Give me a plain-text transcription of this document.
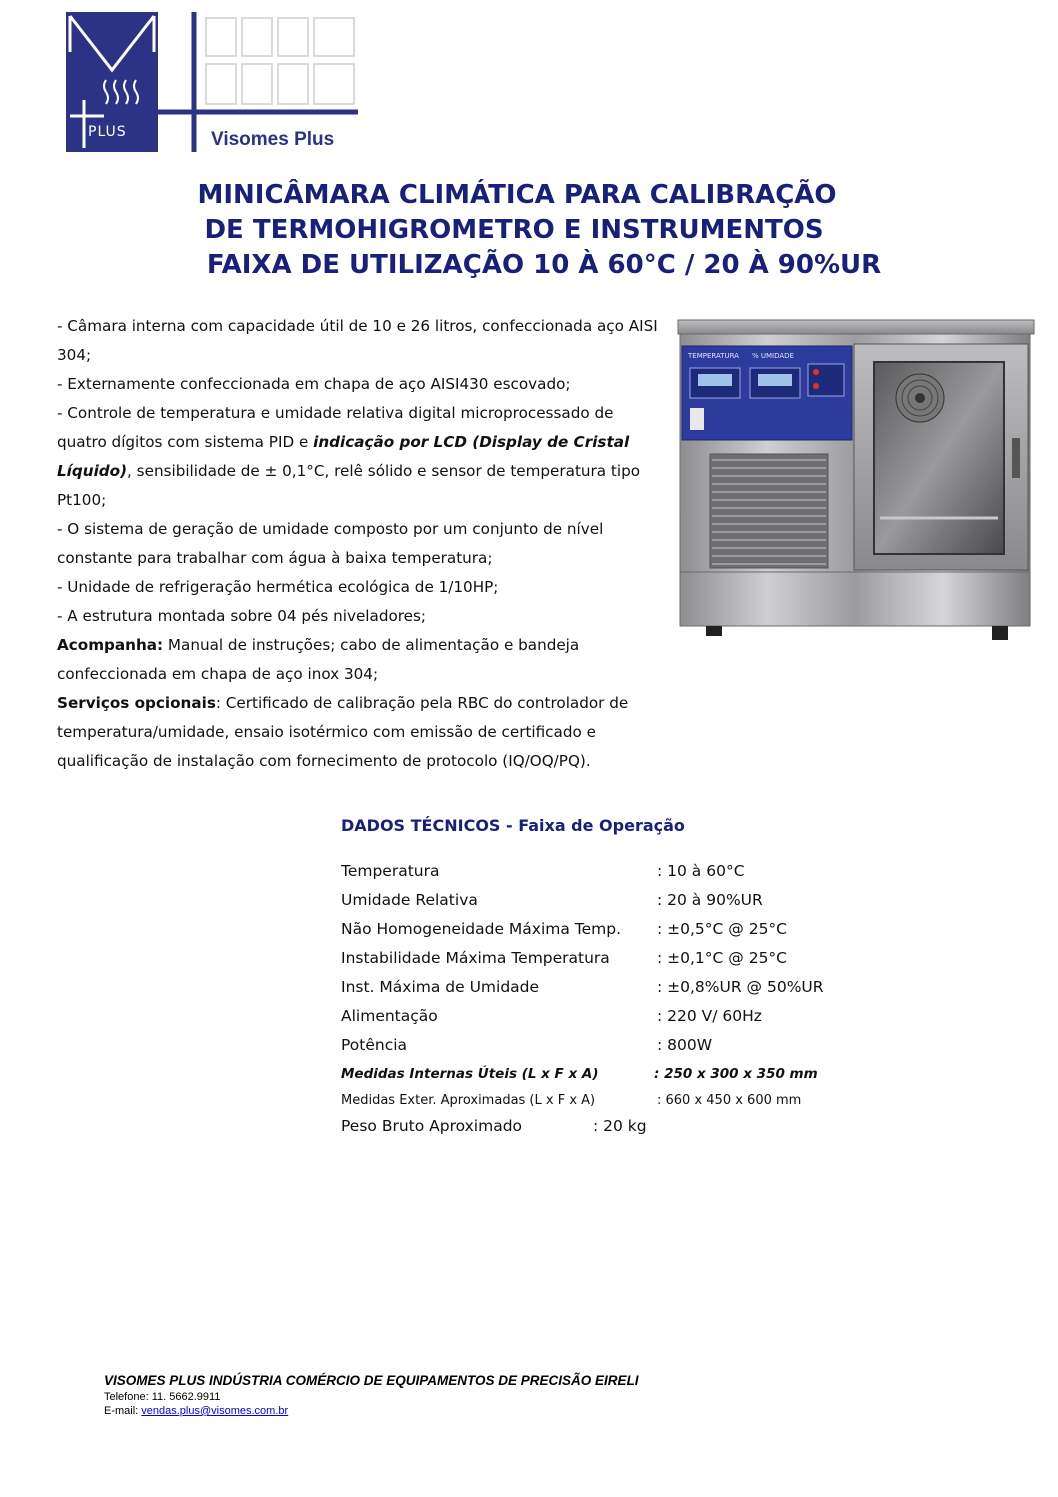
PLUS	Visomes Plus
MINICÂMARA CLIMÁTICA PARA CALIBRAÇÃO
DE TERMOHIGROMETRO E INSTRUMENTOS
FAIXA DE UTILIZAÇÃO 10 À 60°C / 20 À 90%UR

- Câmara interna com capacidade útil de 10 e 26 litros, confeccionada aço AISI 304;

- Externamente confeccionada em chapa de aço AISI430 escovado;

- Controle de temperatura e umidade relativa digital microprocessado de quatro dígitos com sistema PID e indicação por LCD (Display de Cristal Líquido), sensibilidade de ± 0,1°C, relê sólido e sensor de temperatura tipo Pt100;

- O sistema de geração de umidade composto por um conjunto de nível constante para trabalhar com água à baixa temperatura;

- Unidade de refrigeração hermética ecológica de 1/10HP;

- A estrutura montada sobre 04 pés niveladores;

Acompanha: Manual de instruções; cabo de alimentação e bandeja confeccionada em chapa de aço inox 304;

Serviços opcionais: Certificado de calibração pela RBC do controlador de temperatura/umidade, ensaio isotérmico com emissão de certificado e qualificação de instalação com fornecimento de protocolo (IQ/OQ/PQ).

TEMPERATURA % UMIDADE
DADOS TÉCNICOS - Faixa de Operação
Temperatura	: 10 à 60°C
Umidade Relativa	: 20 à 90%UR
Não Homogeneidade Máxima Temp. : ±0,5°C @ 25°C
Instabilidade Máxima Temperatura	: ±0,1°C @ 25°C
Inst. Máxima de Umidade	: ±0,8%UR @ 50%UR
Alimentação	: 220 V/ 60Hz
Potência	: 800W
Medidas Internas Úteis (L x F x A)	: 250 x 300 x 350 mm
Medidas Exter. Aproximadas (L x F x A)	: 660 x 450 x 600 mm
Peso Bruto Aproximado	: 20 kg
VISOMES PLUS INDÚSTRIA COMÉRCIO DE EQUIPAMENTOS DE PRECISÃO EIRELI
Telefone: 11. 5662.9911
E-mail: vendas.plus@visomes.com.br
